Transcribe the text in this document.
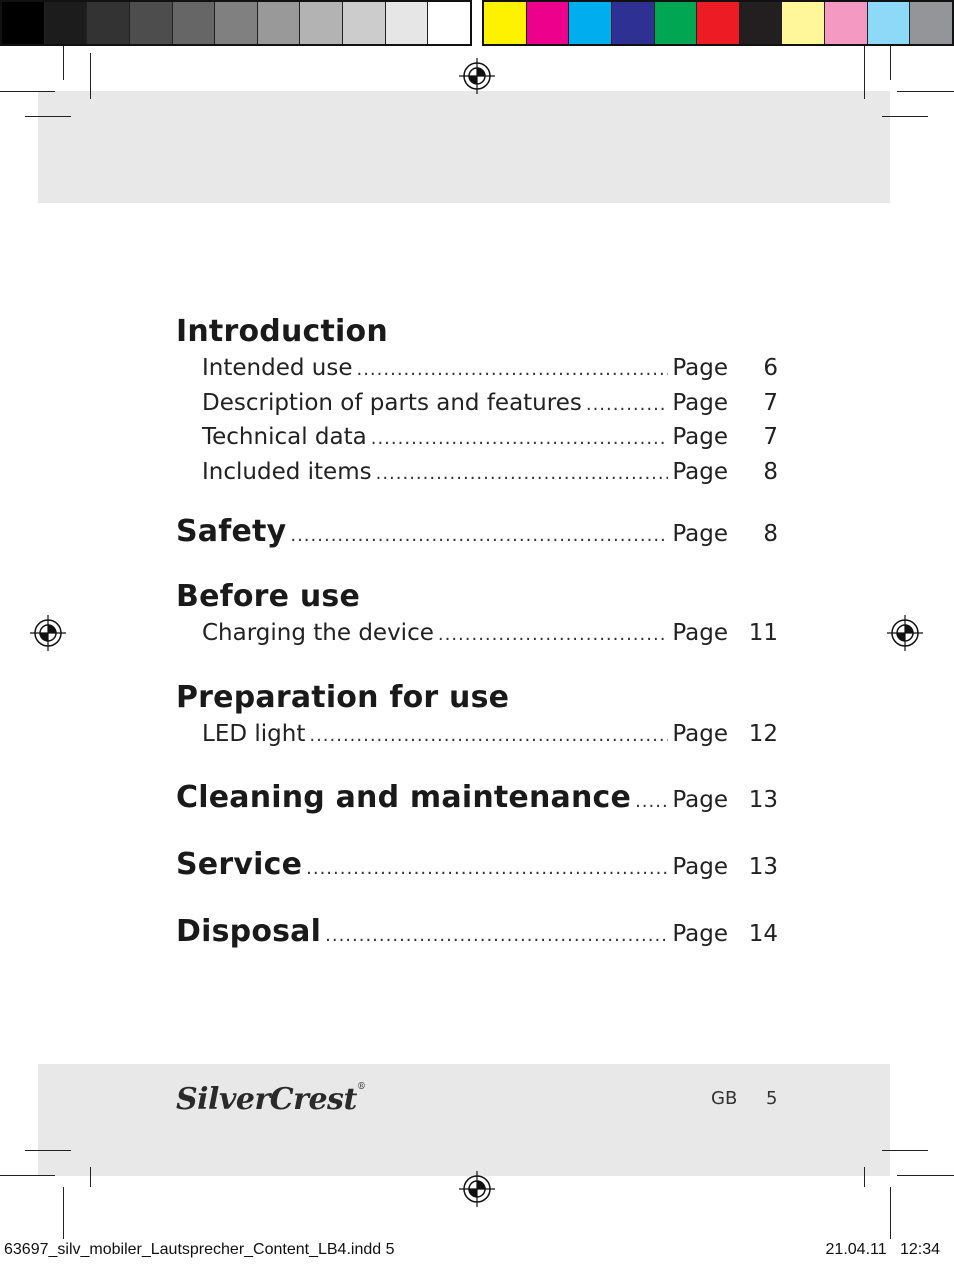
Introduction
Intended use .....	Page	6
Description of parts and features .....	Page	7
Technical data .....	Page	7
Included items .....	Page	8
Safety .....	Page	8
Before use
Charging the device .....	Page 11
Preparation for use
LED light .....	Page 12
Cleaning and maintenance ..... Page 13
Service .....	Page 13
Disposal .....	Page 14
SilverCrest®
GB 5
63697_silv_mobiler_Lautsprecher_Content_LB4.indd 5	21.04.11   12:34
